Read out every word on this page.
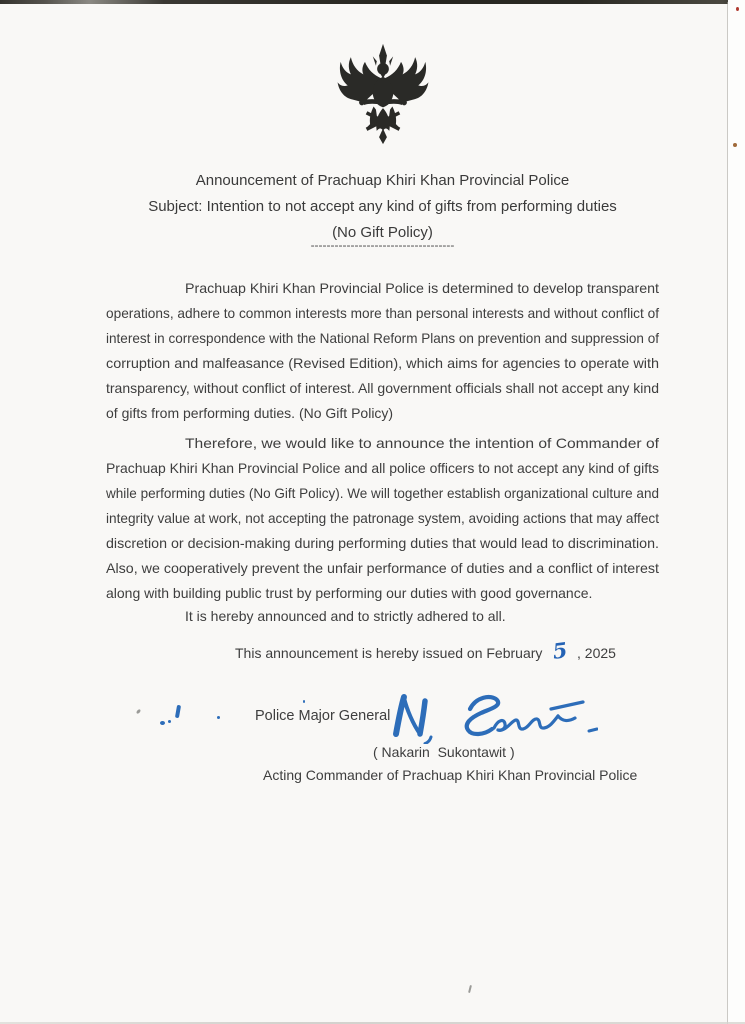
Announcement of Prachuap Khiri Khan Provincial Police
Subject: Intention to not accept any kind of gifts from performing duties
(No Gift Policy)
------------------------------------
Prachuap Khiri Khan Provincial Police is determined to develop transparent
operations, adhere to common interests more than personal interests and without conflict of
interest in correspondence with the National Reform Plans on prevention and suppression of
corruption and malfeasance (Revised Edition), which aims for agencies to operate with
transparency, without conflict of interest. All government officials shall not accept any kind
of gifts from performing duties. (No Gift Policy)
Therefore, we would like to announce the intention of Commander of
Prachuap Khiri Khan Provincial Police and all police officers to not accept any kind of gifts
while performing duties (No Gift Policy). We will together establish organizational culture and
integrity value at work, not accepting the patronage system, avoiding actions that may affect
discretion or decision-making during performing duties that would lead to discrimination.
Also, we cooperatively prevent the unfair performance of duties and a conflict of interest
along with building public trust by performing our duties with good governance.
It is hereby announced and to strictly adhered to all.
This announcement is hereby issued on February 5 , 2025
Police Major General
( Nakarin  Sukontawit )
Acting Commander of Prachuap Khiri Khan Provincial Police
